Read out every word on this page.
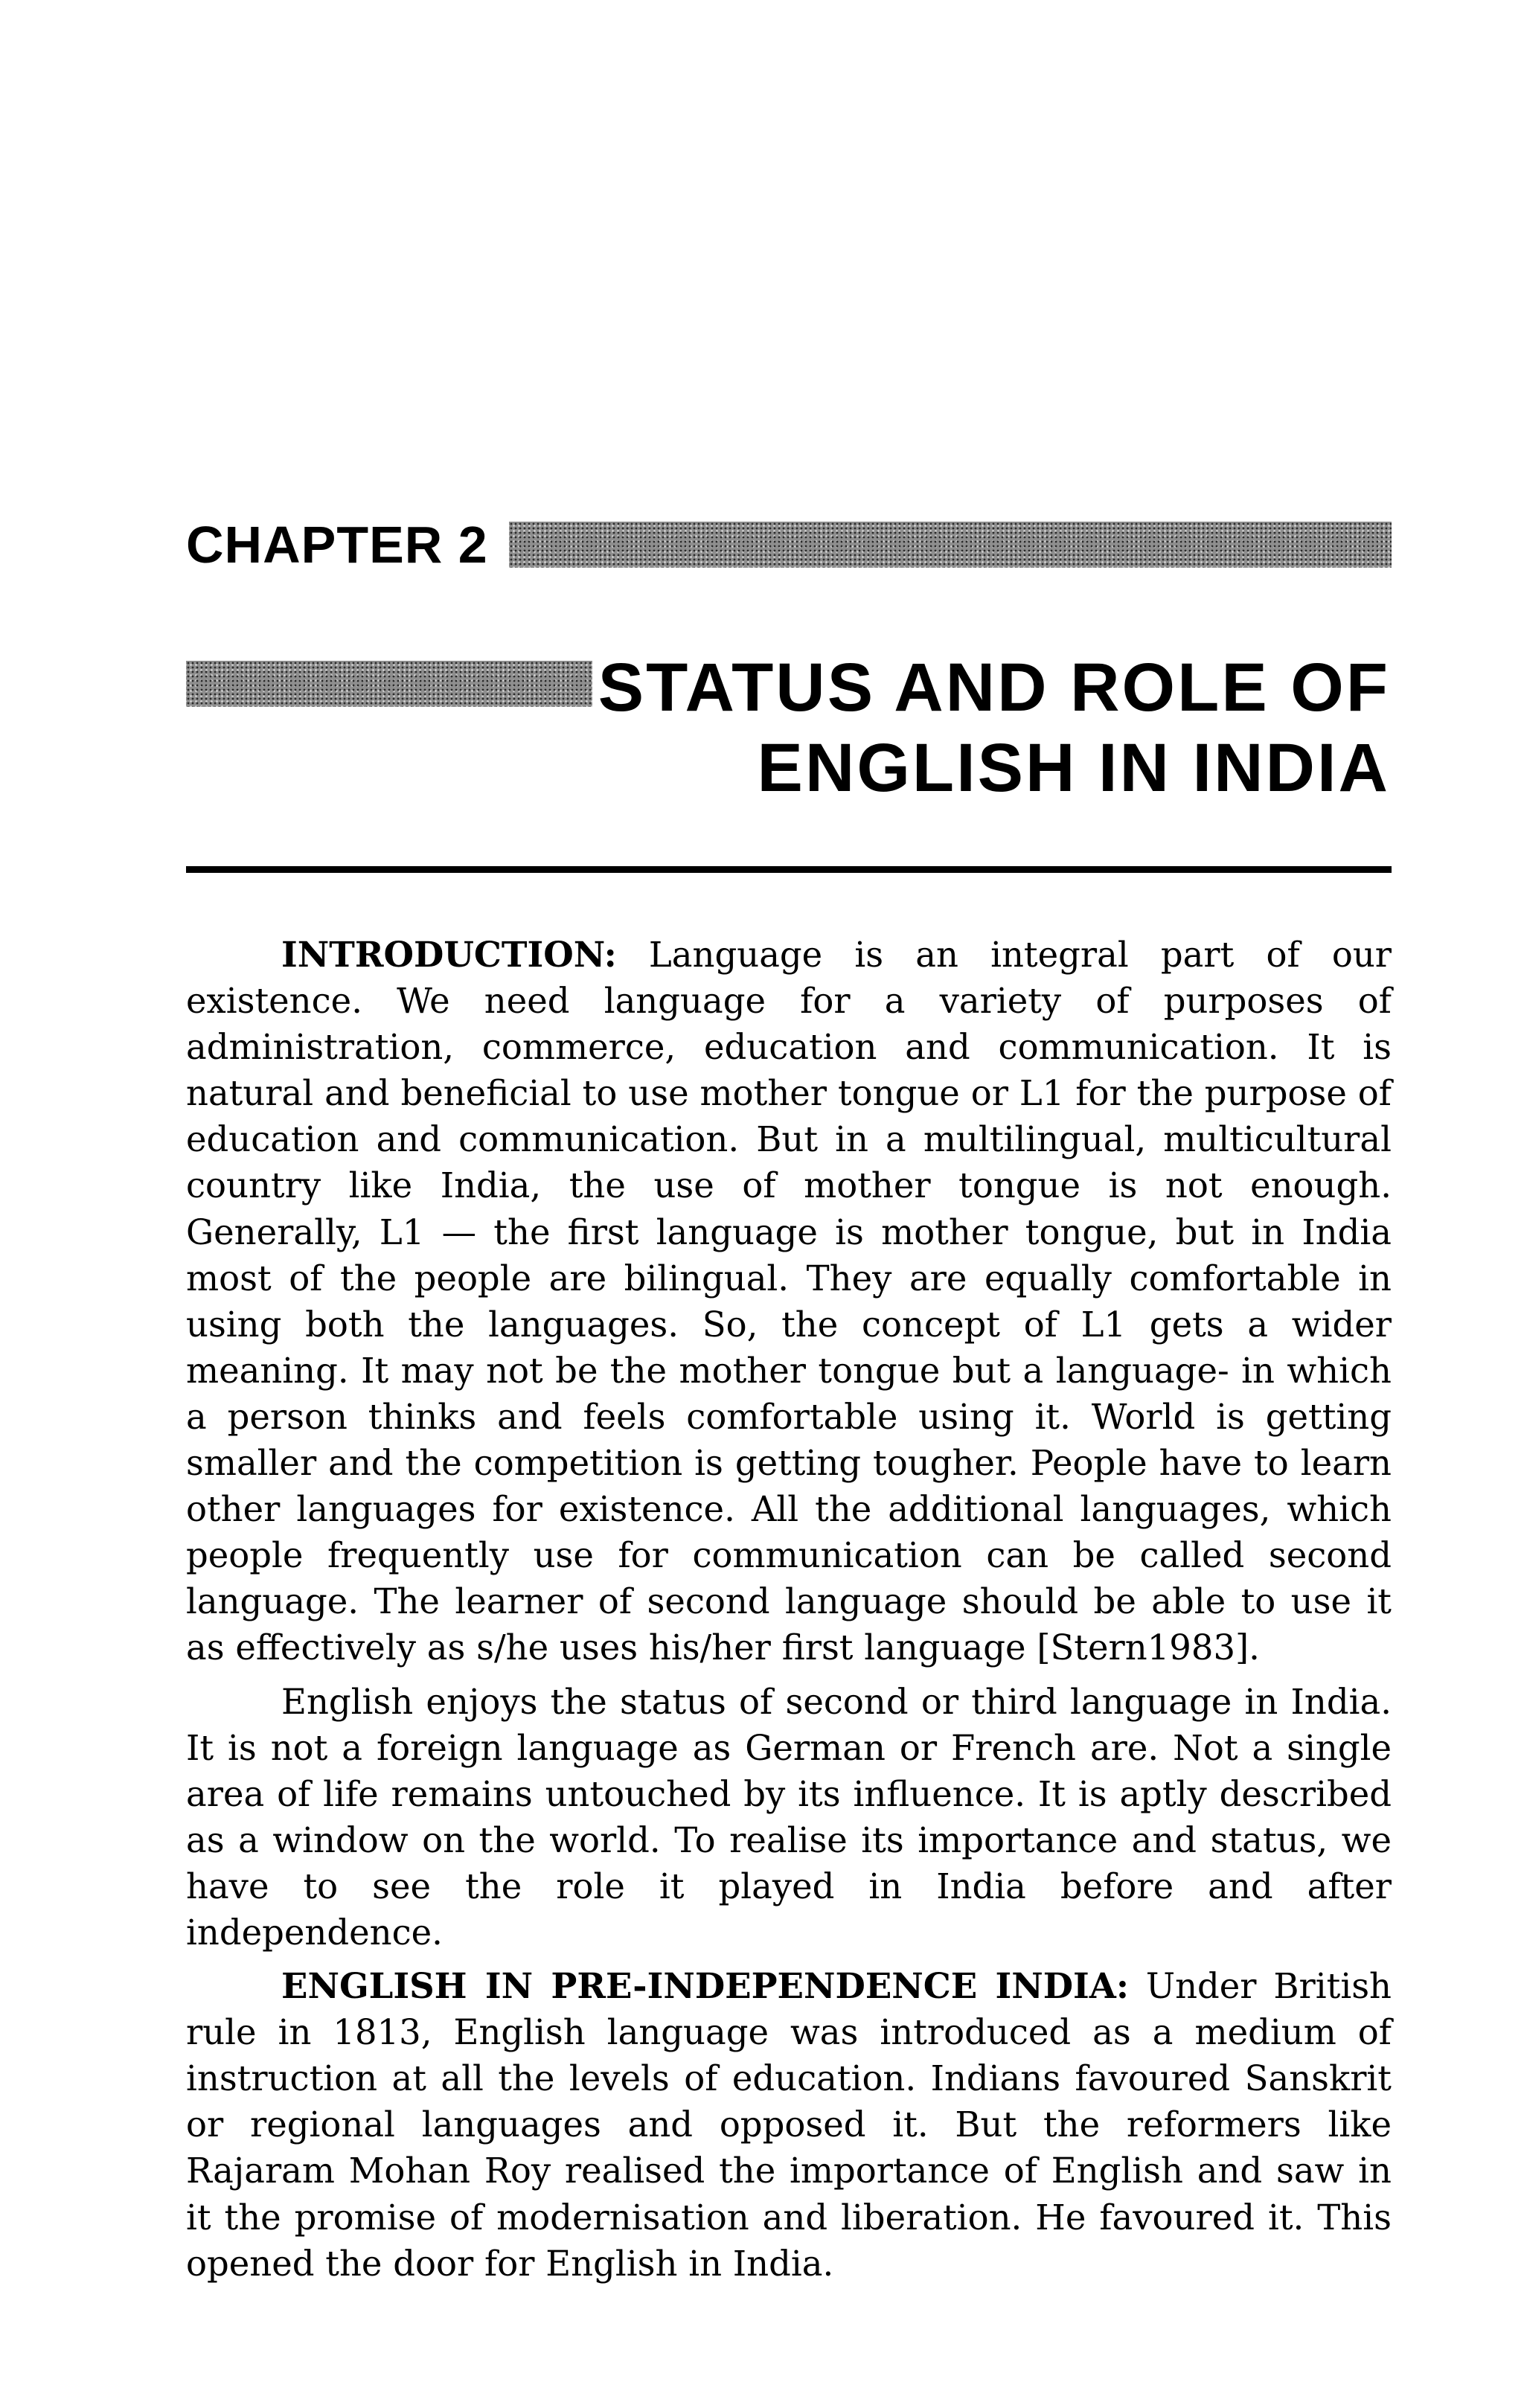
CHAPTER 2
STATUS AND ROLE OF
ENGLISH IN INDIA

INTRODUCTION: Language is an integral part of our existence. We need language for a variety of purposes of administration, commerce, education and communication. It is natural and beneficial to use mother tongue or L1 for the purpose of education and communication. But in a multilingual, multicultural country like India, the use of mother tongue is not enough. Generally, L1 — the first language is mother tongue, but in India most of the people are bilingual. They are equally comfortable in using both the languages. So, the concept of L1 gets a wider meaning. It may not be the mother tongue but a language- in which a person thinks and feels comfortable using it. World is getting smaller and the competition is getting tougher. People have to learn other languages for existence. All the additional languages, which people frequently use for communication can be called second language. The learner of second language should be able to use it as effectively as s/he uses his/her first language [Stern1983].

English enjoys the status of second or third language in India. It is not a foreign language as German or French are. Not a single area of life remains untouched by its influence. It is aptly described as a window on the world. To realise its importance and status, we have to see the role it played in India before and after independence.

ENGLISH IN PRE-INDEPENDENCE INDIA: Under British rule in 1813, English language was introduced as a medium of instruction at all the levels of education. Indians favoured Sanskrit or regional languages and opposed it. But the reformers like Rajaram Mohan Roy realised the importance of English and saw in it the promise of modernisation and liberation. He favoured it. This opened the door for English in India.
